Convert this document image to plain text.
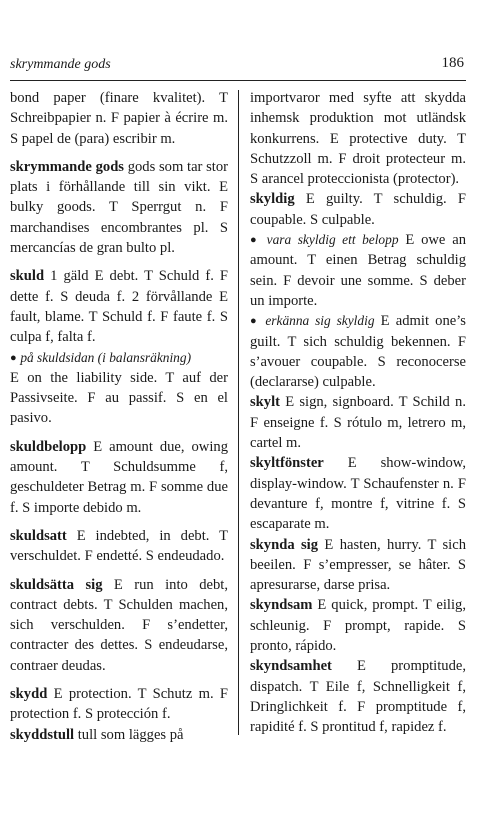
skrymmande gods	186
bond paper (finare kvalitet). T Schreibpapier n. F papier à écrire m. S papel de (para) escribir m.
skrymmande gods gods som tar stor plats i förhållande till sin vikt. E bulky goods. T Sperrgut n. F marchandises encombrantes pl. S mercancías de gran bulto pl.
skuld 1 gäld E debt. T Schuld f. F dette f. S deuda f. 2 förvållande E fault, blame. T Schuld f. F faute f. S culpa f, falta f.
● på skuldsidan (i balansräkning)
E on the liability side. T auf der Passivseite. F au passif. S en el pasivo.
skuldbelopp E amount due, owing amount. T Schuldsumme f, geschuldeter Betrag m. F somme due f. S importe debido m.
skuldsatt E indebted, in debt. T verschuldet. F endetté. S endeudado.
skuldsätta sig E run into debt, contract debts. T Schulden machen, sich verschulden. F s’endetter, contracter des dettes. S endeudarse, contraer deudas.
skydd E protection. T Schutz m. F protection f. S protección f.
skyddstull tull som lägges på
importvaror med syfte att skydda inhemsk produktion mot utländsk konkurrens. E protective duty. T Schutzzoll m. F droit protecteur m. S arancel proteccionista (protector).
skyldig E guilty. T schuldig. F coupable. S culpable.
● vara skyldig ett belopp E owe an amount. T einen Betrag schuldig sein. F devoir une somme. S deber un importe.
● erkänna sig skyldig E admit one’s guilt. T sich schuldig bekennen. F s’avouer coupable. S reconocerse (declararse) culpable.
skylt E sign, signboard. T Schild n. F enseigne f. S rótulo m, letrero m, cartel m.
skyltfönster E show-window, display-window. T Schaufenster n. F devanture f, montre f, vitrine f. S escaparate m.
skynda sig E hasten, hurry. T sich beeilen. F s’empresser, se hâter. S apresurarse, darse prisa.
skyndsam E quick, prompt. T eilig, schleunig. F prompt, rapide. S pronto, rápido.
skyndsamhet E promptitude, dispatch. T Eile f, Schnelligkeit f, Dringlichkeit f. F promptitude f, rapidité f. S prontitud f, rapidez f.
